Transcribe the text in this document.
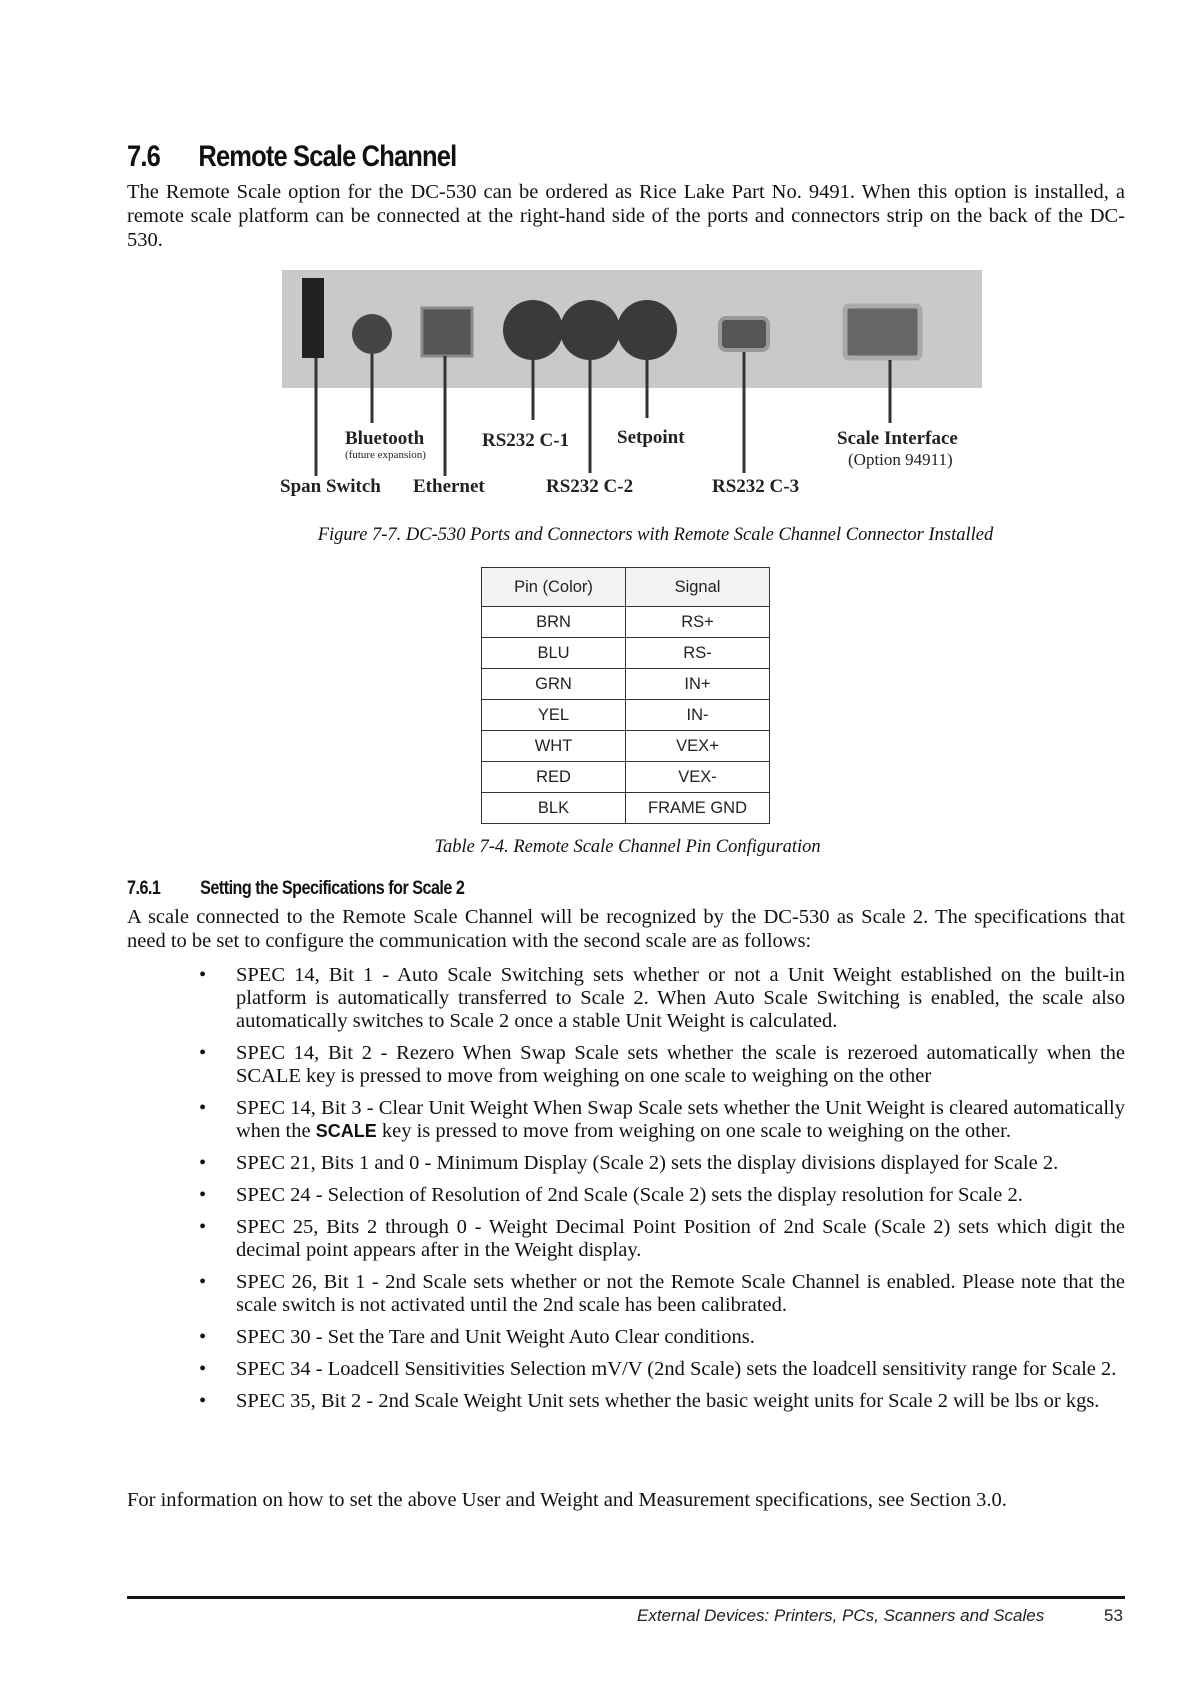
7.6 Remote Scale Channel
The Remote Scale option for the DC-530 can be ordered as Rice Lake Part No. 9491. When this option is installed, a remote scale platform can be connected at the right-hand side of the ports and connectors strip on the back of the DC-530.
Bluetooth
(future expansion)
Span Switch Ethernet
RS232 C-1
RS232 C-2
Setpoint
RS232 C-3
Scale Interface
(Option 94911)
Figure 7-7. DC-530 Ports and Connectors with Remote Scale Channel Connector Installed
Pin (Color)	Signal
BRN	RS+
BLU	RS-
GRN	IN+
YEL	IN-
WHT	VEX+
RED	VEX-
BLK	FRAME GND
Table 7-4. Remote Scale Channel Pin Configuration
7.6.1 Setting the Specifications for Scale 2
A scale connected to the Remote Scale Channel will be recognized by the DC-530 as Scale 2. The specifications that need to be set to configure the communication with the second scale are as follows:
• SPEC 14, Bit 1 - Auto Scale Switching sets whether or not a Unit Weight established on the built-in platform is automatically transferred to Scale 2. When Auto Scale Switching is enabled, the scale also automatically switches to Scale 2 once a stable Unit Weight is calculated.
• SPEC 14, Bit 2 - Rezero When Swap Scale sets whether the scale is rezeroed automatically when the SCALE key is pressed to move from weighing on one scale to weighing on the other
• SPEC 14, Bit 3 - Clear Unit Weight When Swap Scale sets whether the Unit Weight is cleared automatically when the SCALE key is pressed to move from weighing on one scale to weighing on the other.
• SPEC 21, Bits 1 and 0 - Minimum Display (Scale 2) sets the display divisions displayed for Scale 2.
• SPEC 24 - Selection of Resolution of 2nd Scale (Scale 2) sets the display resolution for Scale 2.
• SPEC 25, Bits 2 through 0 - Weight Decimal Point Position of 2nd Scale (Scale 2) sets which digit the decimal point appears after in the Weight display.
• SPEC 26, Bit 1 - 2nd Scale sets whether or not the Remote Scale Channel is enabled. Please note that the scale switch is not activated until the 2nd scale has been calibrated.
• SPEC 30 - Set the Tare and Unit Weight Auto Clear conditions.
• SPEC 34 - Loadcell Sensitivities Selection mV/V (2nd Scale) sets the loadcell sensitivity range for Scale 2.
• SPEC 35, Bit 2 - 2nd Scale Weight Unit sets whether the basic weight units for Scale 2 will be lbs or kgs.
For information on how to set the above User and Weight and Measurement specifications, see Section 3.0.
External Devices: Printers, PCs, Scanners and Scales	53
